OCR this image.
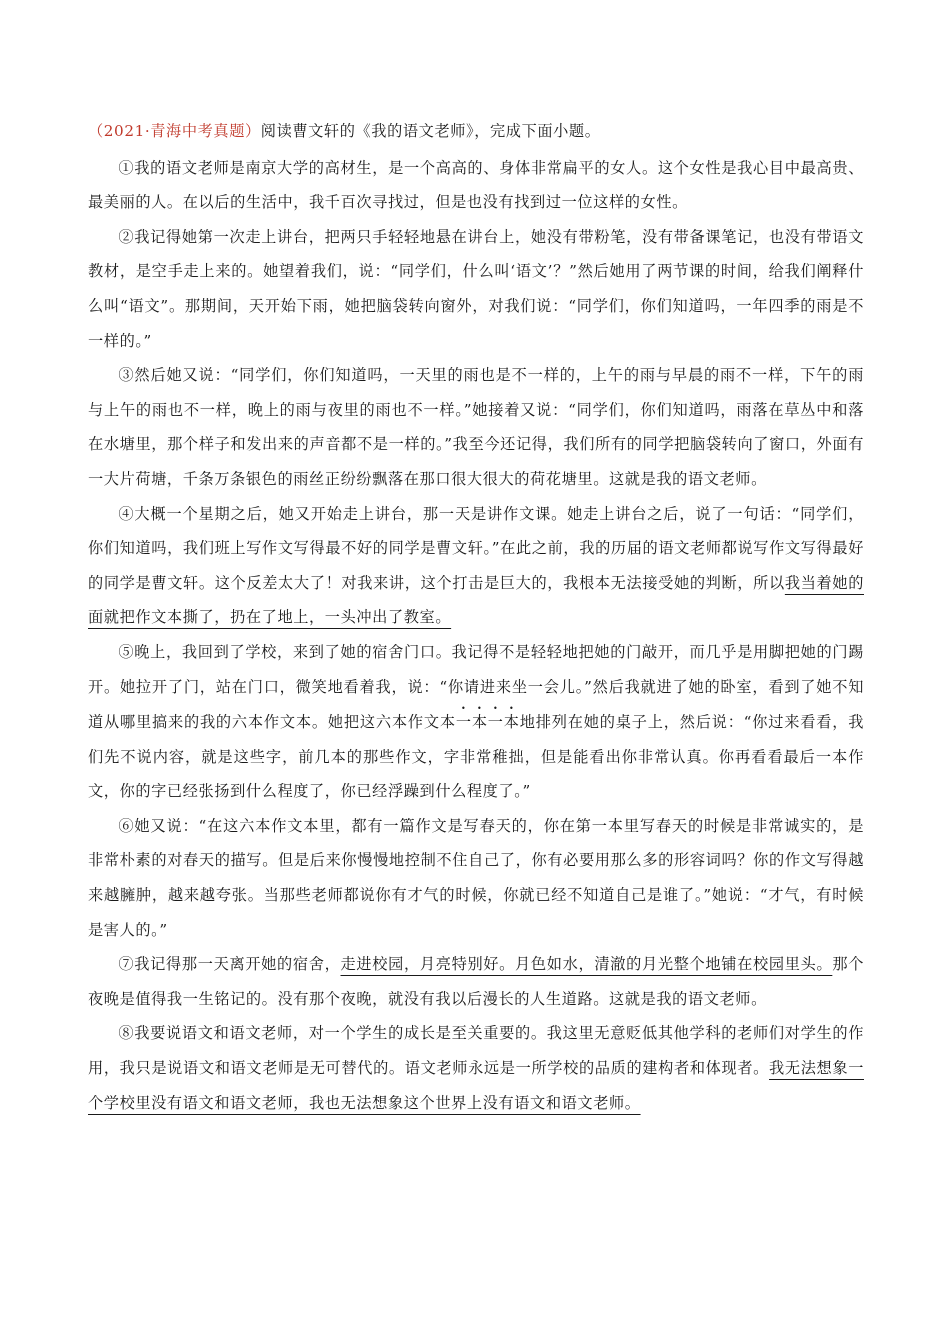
（2021·青海中考真题）阅读曹文轩的《我的语文老师》，完成下面小题。

①我的语文老师是南京大学的高材生，是一个高高的、身体非常扁平的女人。这个女性是我心目中最高贵、最美丽的人。在以后的生活中，我千百次寻找过，但是也没有找到过一位这样的女性。

②我记得她第一次走上讲台，把两只手轻轻地悬在讲台上，她没有带粉笔，没有带备课笔记，也没有带语文教材，是空手走上来的。她望着我们，说：“同学们，什么叫‘语文’？”然后她用了两节课的时间，给我们阐释什么叫“语文”。那期间，天开始下雨，她把脑袋转向窗外，对我们说：“同学们，你们知道吗，一年四季的雨是不一样的。”

③然后她又说：“同学们，你们知道吗，一天里的雨也是不一样的，上午的雨与早晨的雨不一样，下午的雨与上午的雨也不一样，晚上的雨与夜里的雨也不一样。”她接着又说：“同学们，你们知道吗，雨落在草丛中和落在水塘里，那个样子和发出来的声音都不是一样的。”我至今还记得，我们所有的同学把脑袋转向了窗口，外面有一大片荷塘，千条万条银色的雨丝正纷纷飘落在那口很大很大的荷花塘里。这就是我的语文老师。

④大概一个星期之后，她又开始走上讲台，那一天是讲作文课。她走上讲台之后，说了一句话：“同学们，你们知道吗，我们班上写作文写得最不好的同学是曹文轩。”在此之前，我的历届的语文老师都说写作文写得最好的同学是曹文轩。这个反差太大了！对我来讲，这个打击是巨大的，我根本无法接受她的判断，所以我当着她的面就把作文本撕了，扔在了地上，一头冲出了教室。

⑤晚上，我回到了学校，来到了她的宿舍门口。我记得不是轻轻地把她的门敲开，而几乎是用脚把她的门踢开。她拉开了门，站在门口，微笑地看着我，说：“你请进来坐一会儿。”然后我就进了她的卧室，看到了她不知道从哪里搞来的我的六本作文本。她把这六本作文本一本一本地排列在她的桌子上，然后说：“你过来看看，我们先不说内容，就是这些字，前几本的那些作文，字非常稚拙，但是能看出你非常认真。你再看看最后一本作文，你的字已经张扬到什么程度了，你已经浮躁到什么程度了。”

⑥她又说：“在这六本作文本里，都有一篇作文是写春天的，你在第一本里写春天的时候是非常诚实的，是非常朴素的对春天的描写。但是后来你慢慢地控制不住自己了，你有必要用那么多的形容词吗？你的作文写得越来越臃肿，越来越夸张。当那些老师都说你有才气的时候，你就已经不知道自己是谁了。”她说：“才气，有时候是害人的。”

⑦我记得那一天离开她的宿舍，走进校园，月亮特别好。月色如水，清澈的月光整个地铺在校园里头。那个夜晚是值得我一生铭记的。没有那个夜晚，就没有我以后漫长的人生道路。这就是我的语文老师。

⑧我要说语文和语文老师，对一个学生的成长是至关重要的。我这里无意贬低其他学科的老师们对学生的作用，我只是说语文和语文老师是无可替代的。语文老师永远是一所学校的品质的建构者和体现者。我无法想象一个学校里没有语文和语文老师，我也无法想象这个世界上没有语文和语文老师。
